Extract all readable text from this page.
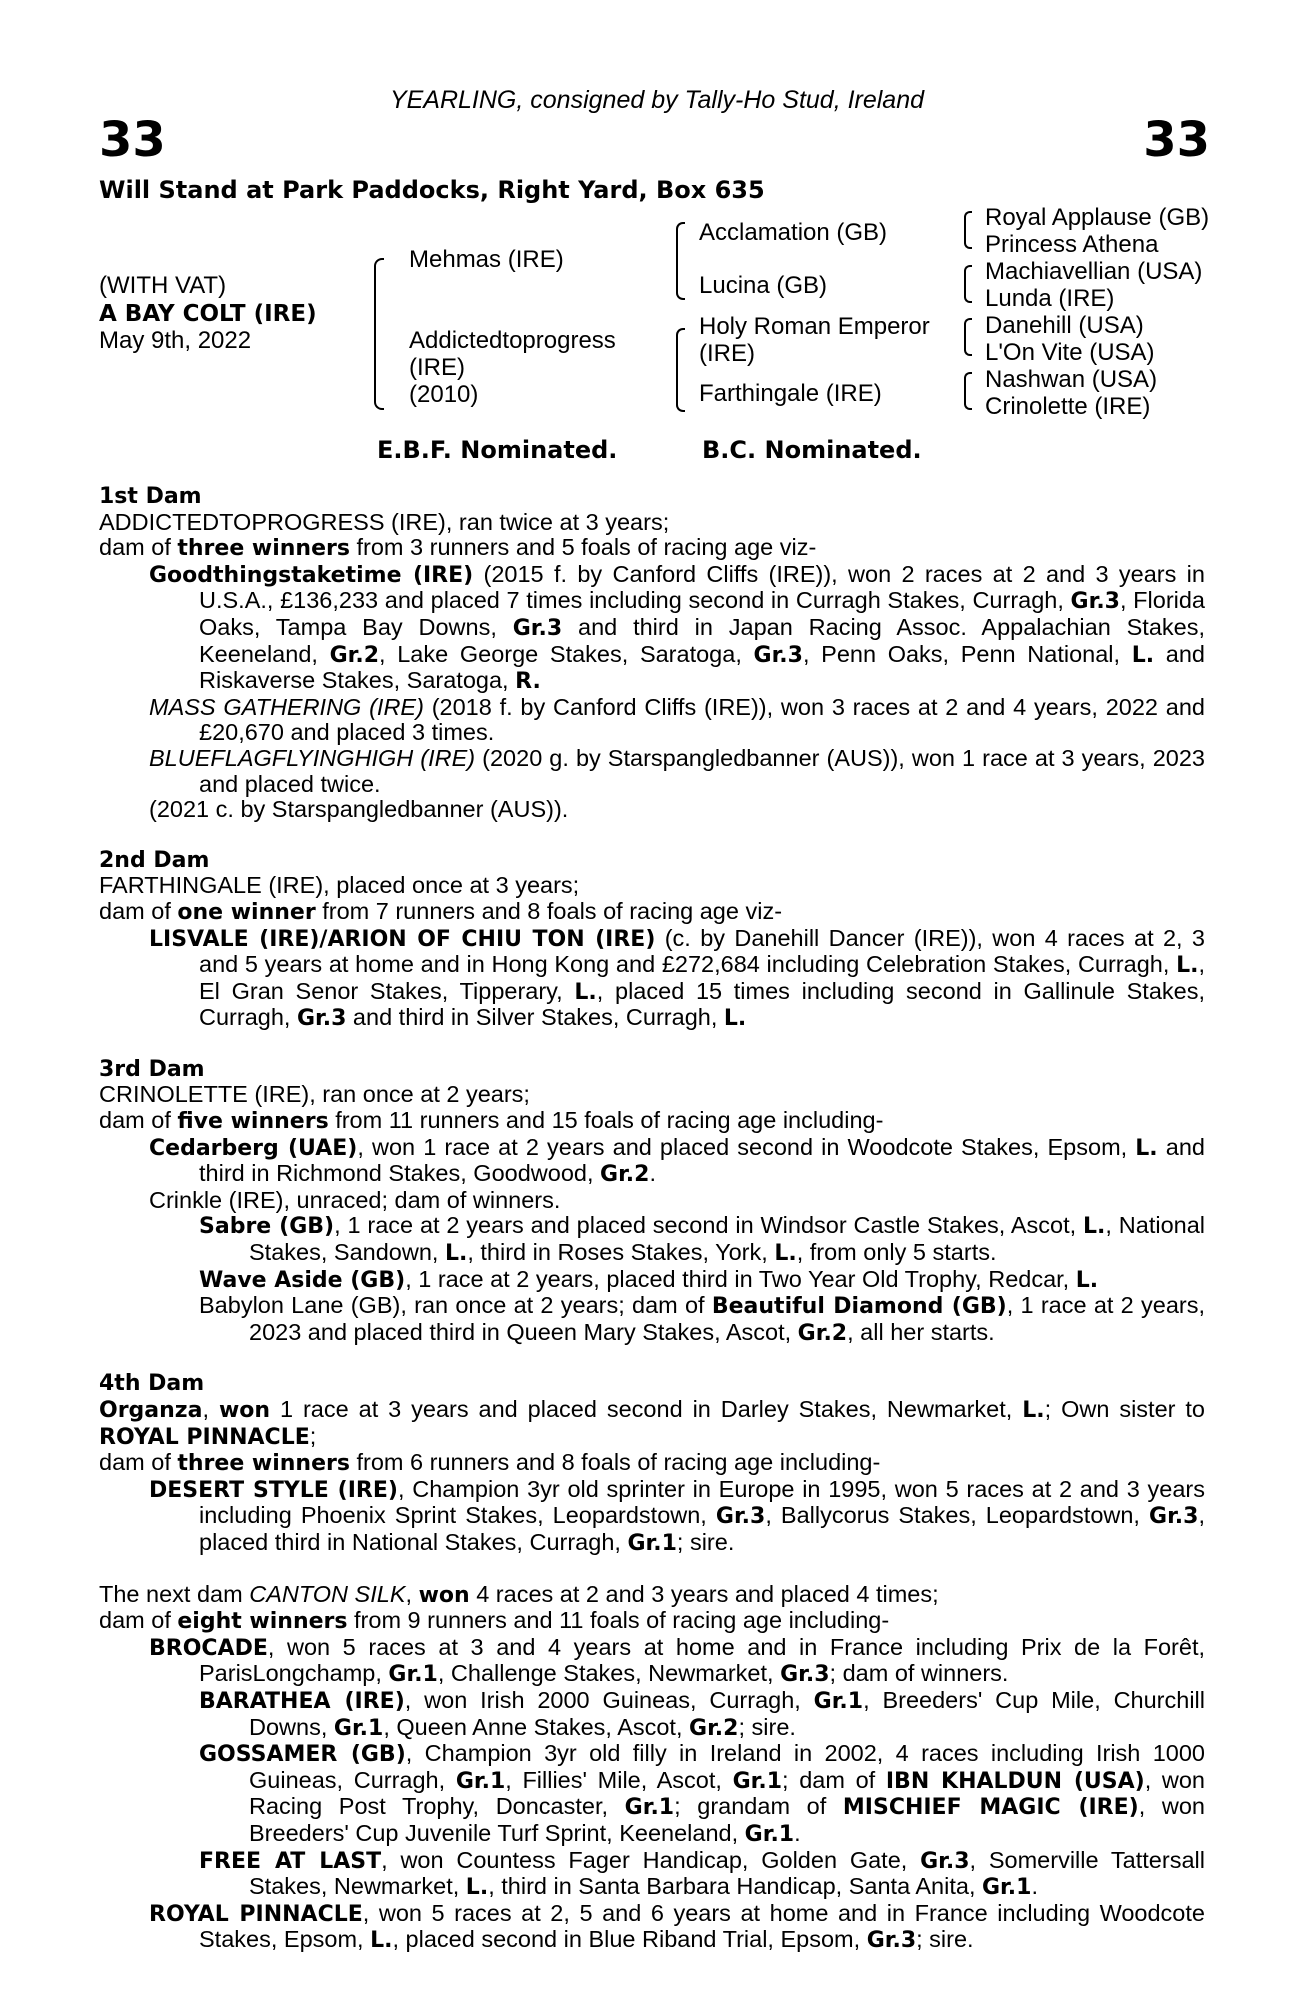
YEARLING, consigned by Tally-Ho Stud, Ireland
33	33
Will Stand at Park Paddocks, Right Yard, Box 635
(WITH VAT)
A BAY COLT (IRE)
May 9th, 2022
Mehmas (IRE)
Addictedtoprogress
(IRE)
(2010)
Acclamation (GB)
Lucina (GB)
Holy Roman Emperor
(IRE)
Farthingale (IRE)
Royal Applause (GB)
Princess Athena
Machiavellian (USA)
Lunda (IRE)
Danehill (USA)
L'On Vite (USA)
Nashwan (USA)
Crinolette (IRE)
E.B.F. Nominated.	B.C. Nominated.
1st Dam
ADDICTEDTOPROGRESS (IRE), ran twice at 3 years;
dam of three winners from 3 runners and 5 foals of racing age viz-
Goodthingstaketime (IRE) (2015 f. by Canford Cliffs (IRE)), won 2 races at 2 and 3 years in U.S.A., £136,233 and placed 7 times including second in Curragh Stakes, Curragh, Gr.3, Florida Oaks, Tampa Bay Downs, Gr.3 and third in Japan Racing Assoc. Appalachian Stakes, Keeneland, Gr.2, Lake George Stakes, Saratoga, Gr.3, Penn Oaks, Penn National, L. and Riskaverse Stakes, Saratoga, R.
MASS GATHERING (IRE) (2018 f. by Canford Cliffs (IRE)), won 3 races at 2 and 4 years, 2022 and £20,670 and placed 3 times.
BLUEFLAGFLYINGHIGH (IRE) (2020 g. by Starspangledbanner (AUS)), won 1 race at 3 years, 2023 and placed twice.
(2021 c. by Starspangledbanner (AUS)).
2nd Dam
FARTHINGALE (IRE), placed once at 3 years;
dam of one winner from 7 runners and 8 foals of racing age viz-
LISVALE (IRE)/ARION OF CHIU TON (IRE) (c. by Danehill Dancer (IRE)), won 4 races at 2, 3 and 5 years at home and in Hong Kong and £272,684 including Celebration Stakes, Curragh, L., El Gran Senor Stakes, Tipperary, L., placed 15 times including second in Gallinule Stakes, Curragh, Gr.3 and third in Silver Stakes, Curragh, L.
3rd Dam
CRINOLETTE (IRE), ran once at 2 years;
dam of five winners from 11 runners and 15 foals of racing age including-
Cedarberg (UAE), won 1 race at 2 years and placed second in Woodcote Stakes, Epsom, L. and third in Richmond Stakes, Goodwood, Gr.2.
Crinkle (IRE), unraced; dam of winners.
Sabre (GB), 1 race at 2 years and placed second in Windsor Castle Stakes, Ascot, L., National Stakes, Sandown, L., third in Roses Stakes, York, L., from only 5 starts.
Wave Aside (GB), 1 race at 2 years, placed third in Two Year Old Trophy, Redcar, L.
Babylon Lane (GB), ran once at 2 years; dam of Beautiful Diamond (GB), 1 race at 2 years, 2023 and placed third in Queen Mary Stakes, Ascot, Gr.2, all her starts.
4th Dam
Organza, won 1 race at 3 years and placed second in Darley Stakes, Newmarket, L.; Own sister to ROYAL PINNACLE;
dam of three winners from 6 runners and 8 foals of racing age including-
DESERT STYLE (IRE), Champion 3yr old sprinter in Europe in 1995, won 5 races at 2 and 3 years including Phoenix Sprint Stakes, Leopardstown, Gr.3, Ballycorus Stakes, Leopardstown, Gr.3, placed third in National Stakes, Curragh, Gr.1; sire.
The next dam CANTON SILK, won 4 races at 2 and 3 years and placed 4 times;
dam of eight winners from 9 runners and 11 foals of racing age including-
BROCADE, won 5 races at 3 and 4 years at home and in France including Prix de la Forêt, ParisLongchamp, Gr.1, Challenge Stakes, Newmarket, Gr.3; dam of winners.
BARATHEA (IRE), won Irish 2000 Guineas, Curragh, Gr.1, Breeders' Cup Mile, Churchill Downs, Gr.1, Queen Anne Stakes, Ascot, Gr.2; sire.
GOSSAMER (GB), Champion 3yr old filly in Ireland in 2002, 4 races including Irish 1000 Guineas, Curragh, Gr.1, Fillies' Mile, Ascot, Gr.1; dam of IBN KHALDUN (USA), won Racing Post Trophy, Doncaster, Gr.1; grandam of MISCHIEF MAGIC (IRE), won Breeders' Cup Juvenile Turf Sprint, Keeneland, Gr.1.
FREE AT LAST, won Countess Fager Handicap, Golden Gate, Gr.3, Somerville Tattersall Stakes, Newmarket, L., third in Santa Barbara Handicap, Santa Anita, Gr.1.
ROYAL PINNACLE, won 5 races at 2, 5 and 6 years at home and in France including Woodcote Stakes, Epsom, L., placed second in Blue Riband Trial, Epsom, Gr.3; sire.
